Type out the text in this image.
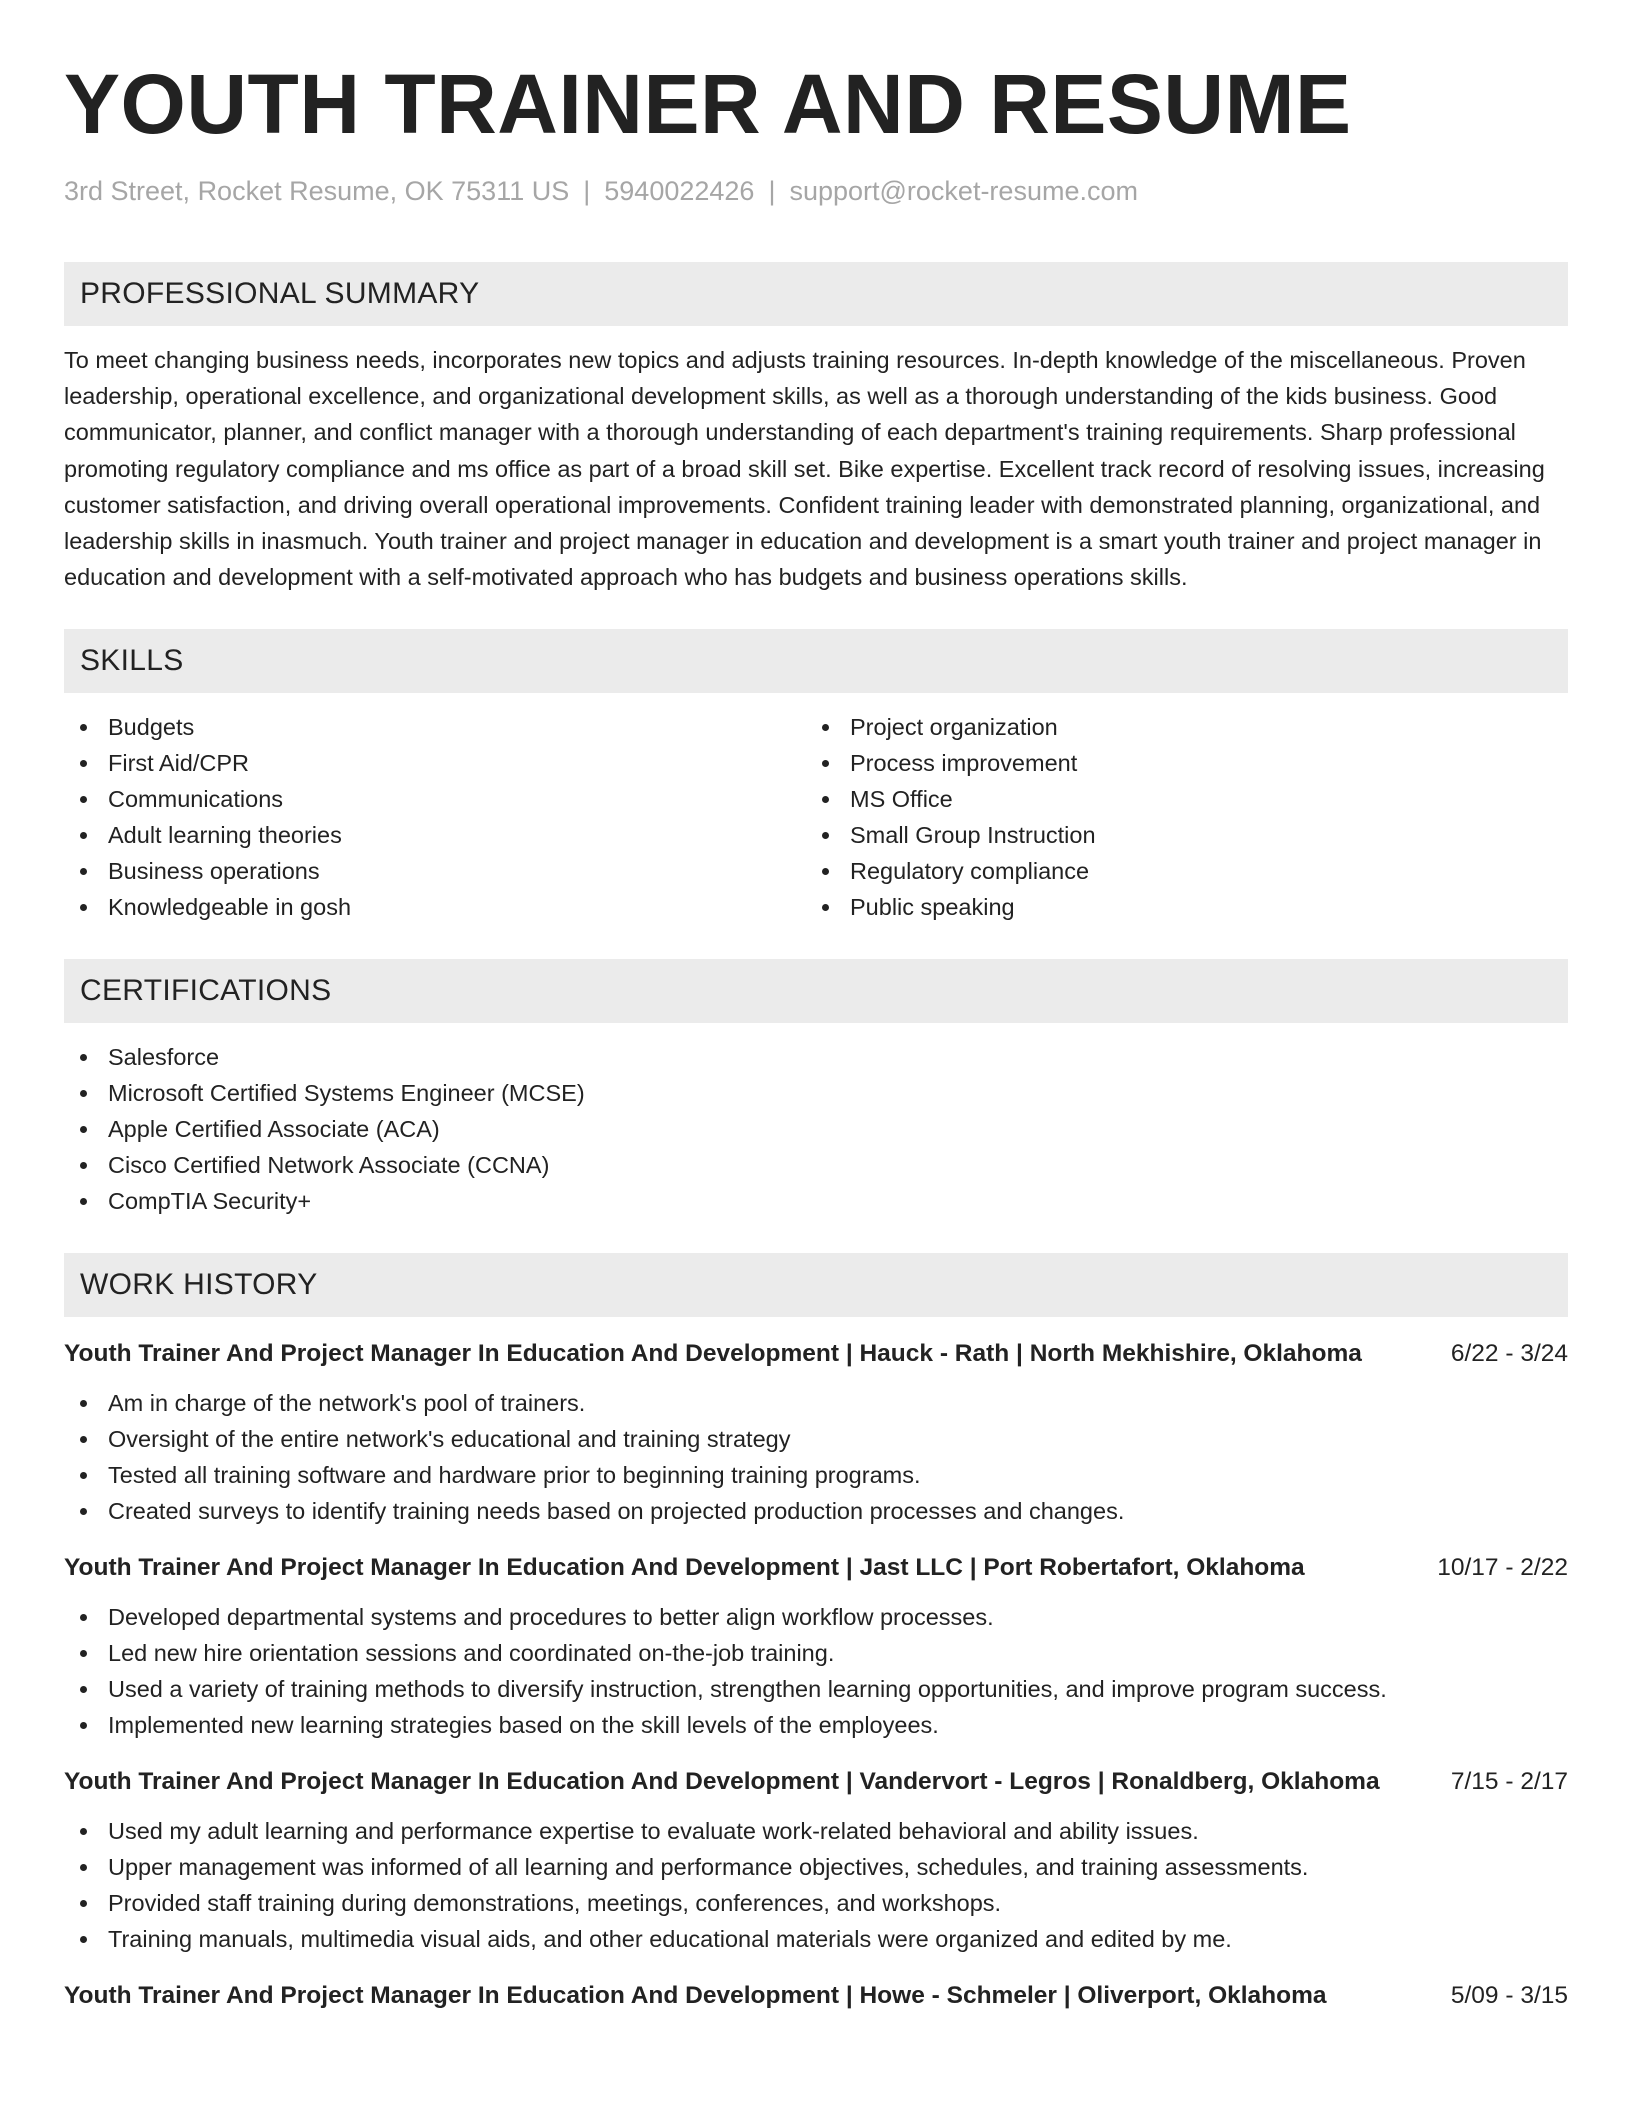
YOUTH TRAINER AND RESUME
3rd Street, Rocket Resume, OK 75311 US | 5940022426 | support@rocket-resume.com
PROFESSIONAL SUMMARY

To meet changing business needs, incorporates new topics and adjusts training resources. In-depth knowledge of the miscellaneous. Proven leadership, operational excellence, and organizational development skills, as well as a thorough understanding of the kids business. Good communicator, planner, and conflict manager with a thorough understanding of each department's training requirements. Sharp professional promoting regulatory compliance and ms office as part of a broad skill set. Bike expertise. Excellent track record of resolving issues, increasing customer satisfaction, and driving overall operational improvements. Confident training leader with demonstrated planning, organizational, and leadership skills in inasmuch. Youth trainer and project manager in education and development is a smart youth trainer and project manager in education and development with a self-motivated approach who has budgets and business operations skills.

SKILLS
Budgets
First Aid/CPR
Communications
Adult learning theories
Business operations
Knowledgeable in gosh
Project organization
Process improvement
MS Office
Small Group Instruction
Regulatory compliance
Public speaking
CERTIFICATIONS
Salesforce
Microsoft Certified Systems Engineer (MCSE)
Apple Certified Associate (ACA)
Cisco Certified Network Associate (CCNA)
CompTIA Security+
WORK HISTORY
Youth Trainer And Project Manager In Education And Development | Hauck - Rath | North Mekhishire, Oklahoma	6/22 - 3/24
Am in charge of the network's pool of trainers.
Oversight of the entire network's educational and training strategy
Tested all training software and hardware prior to beginning training programs.
Created surveys to identify training needs based on projected production processes and changes.
Youth Trainer And Project Manager In Education And Development | Jast LLC | Port Robertafort, Oklahoma	10/17 - 2/22
Developed departmental systems and procedures to better align workflow processes.
Led new hire orientation sessions and coordinated on-the-job training.
Used a variety of training methods to diversify instruction, strengthen learning opportunities, and improve program success.
Implemented new learning strategies based on the skill levels of the employees.
Youth Trainer And Project Manager In Education And Development | Vandervort - Legros | Ronaldberg, Oklahoma	7/15 - 2/17
Used my adult learning and performance expertise to evaluate work-related behavioral and ability issues.
Upper management was informed of all learning and performance objectives, schedules, and training assessments.
Provided staff training during demonstrations, meetings, conferences, and workshops.
Training manuals, multimedia visual aids, and other educational materials were organized and edited by me.
Youth Trainer And Project Manager In Education And Development | Howe - Schmeler | Oliverport, Oklahoma	5/09 - 3/15
